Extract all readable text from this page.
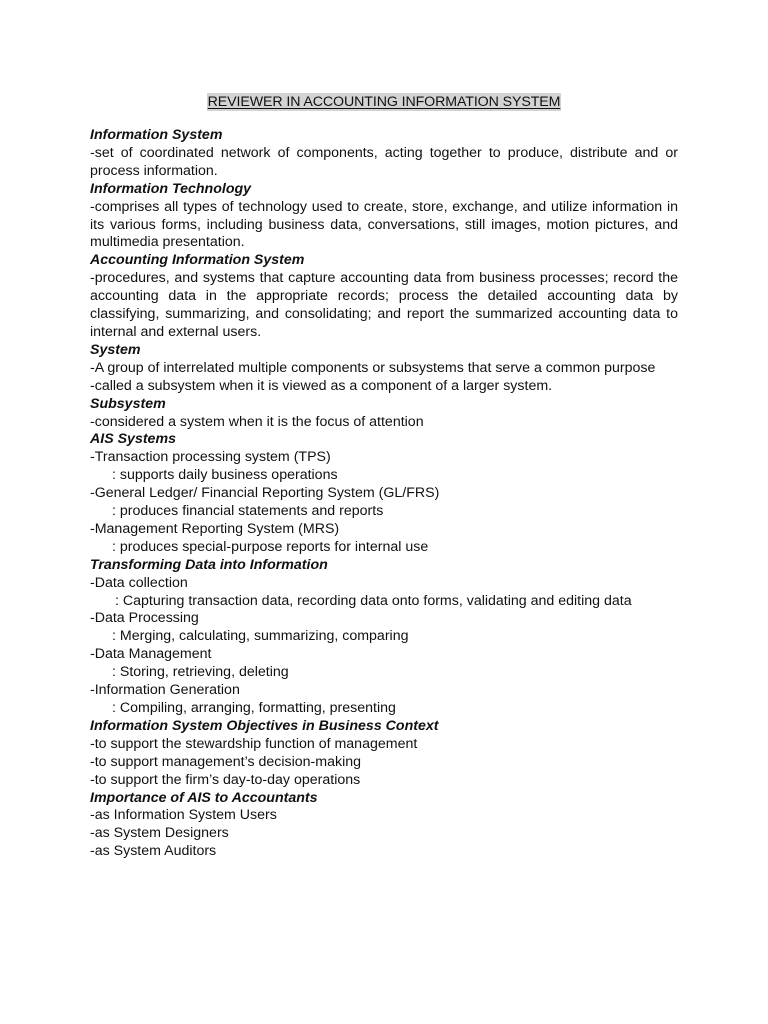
REVIEWER IN ACCOUNTING INFORMATION SYSTEM

Information System

-set of coordinated network of components, acting together to produce, distribute and or process information.

Information Technology

-comprises all types of technology used to create, store, exchange, and utilize information in its various forms, including business data, conversations, still images, motion pictures, and multimedia presentation.

Accounting Information System

-procedures, and systems that capture accounting data from business processes; record the accounting data in the appropriate records; process the detailed accounting data by classifying, summarizing, and consolidating; and report the summarized accounting data to internal and external users.

System

-A group of interrelated multiple components or subsystems that serve a common purpose

-called a subsystem when it is viewed as a component of a larger system.

Subsystem

-considered a system when it is the focus of attention

AIS Systems

-Transaction processing system (TPS)

: supports daily business operations

-General Ledger/ Financial Reporting System (GL/FRS)

: produces financial statements and reports

-Management Reporting System (MRS)

: produces special-purpose reports for internal use

Transforming Data into Information

-Data collection

: Capturing transaction data, recording data onto forms, validating and editing data

-Data Processing

: Merging, calculating, summarizing, comparing

-Data Management

: Storing, retrieving, deleting

-Information Generation

: Compiling, arranging, formatting, presenting

Information System Objectives in Business Context

-to support the stewardship function of management

-to support management’s decision-making

-to support the firm’s day-to-day operations

Importance of AIS to Accountants

-as Information System Users

-as System Designers

-as System Auditors
